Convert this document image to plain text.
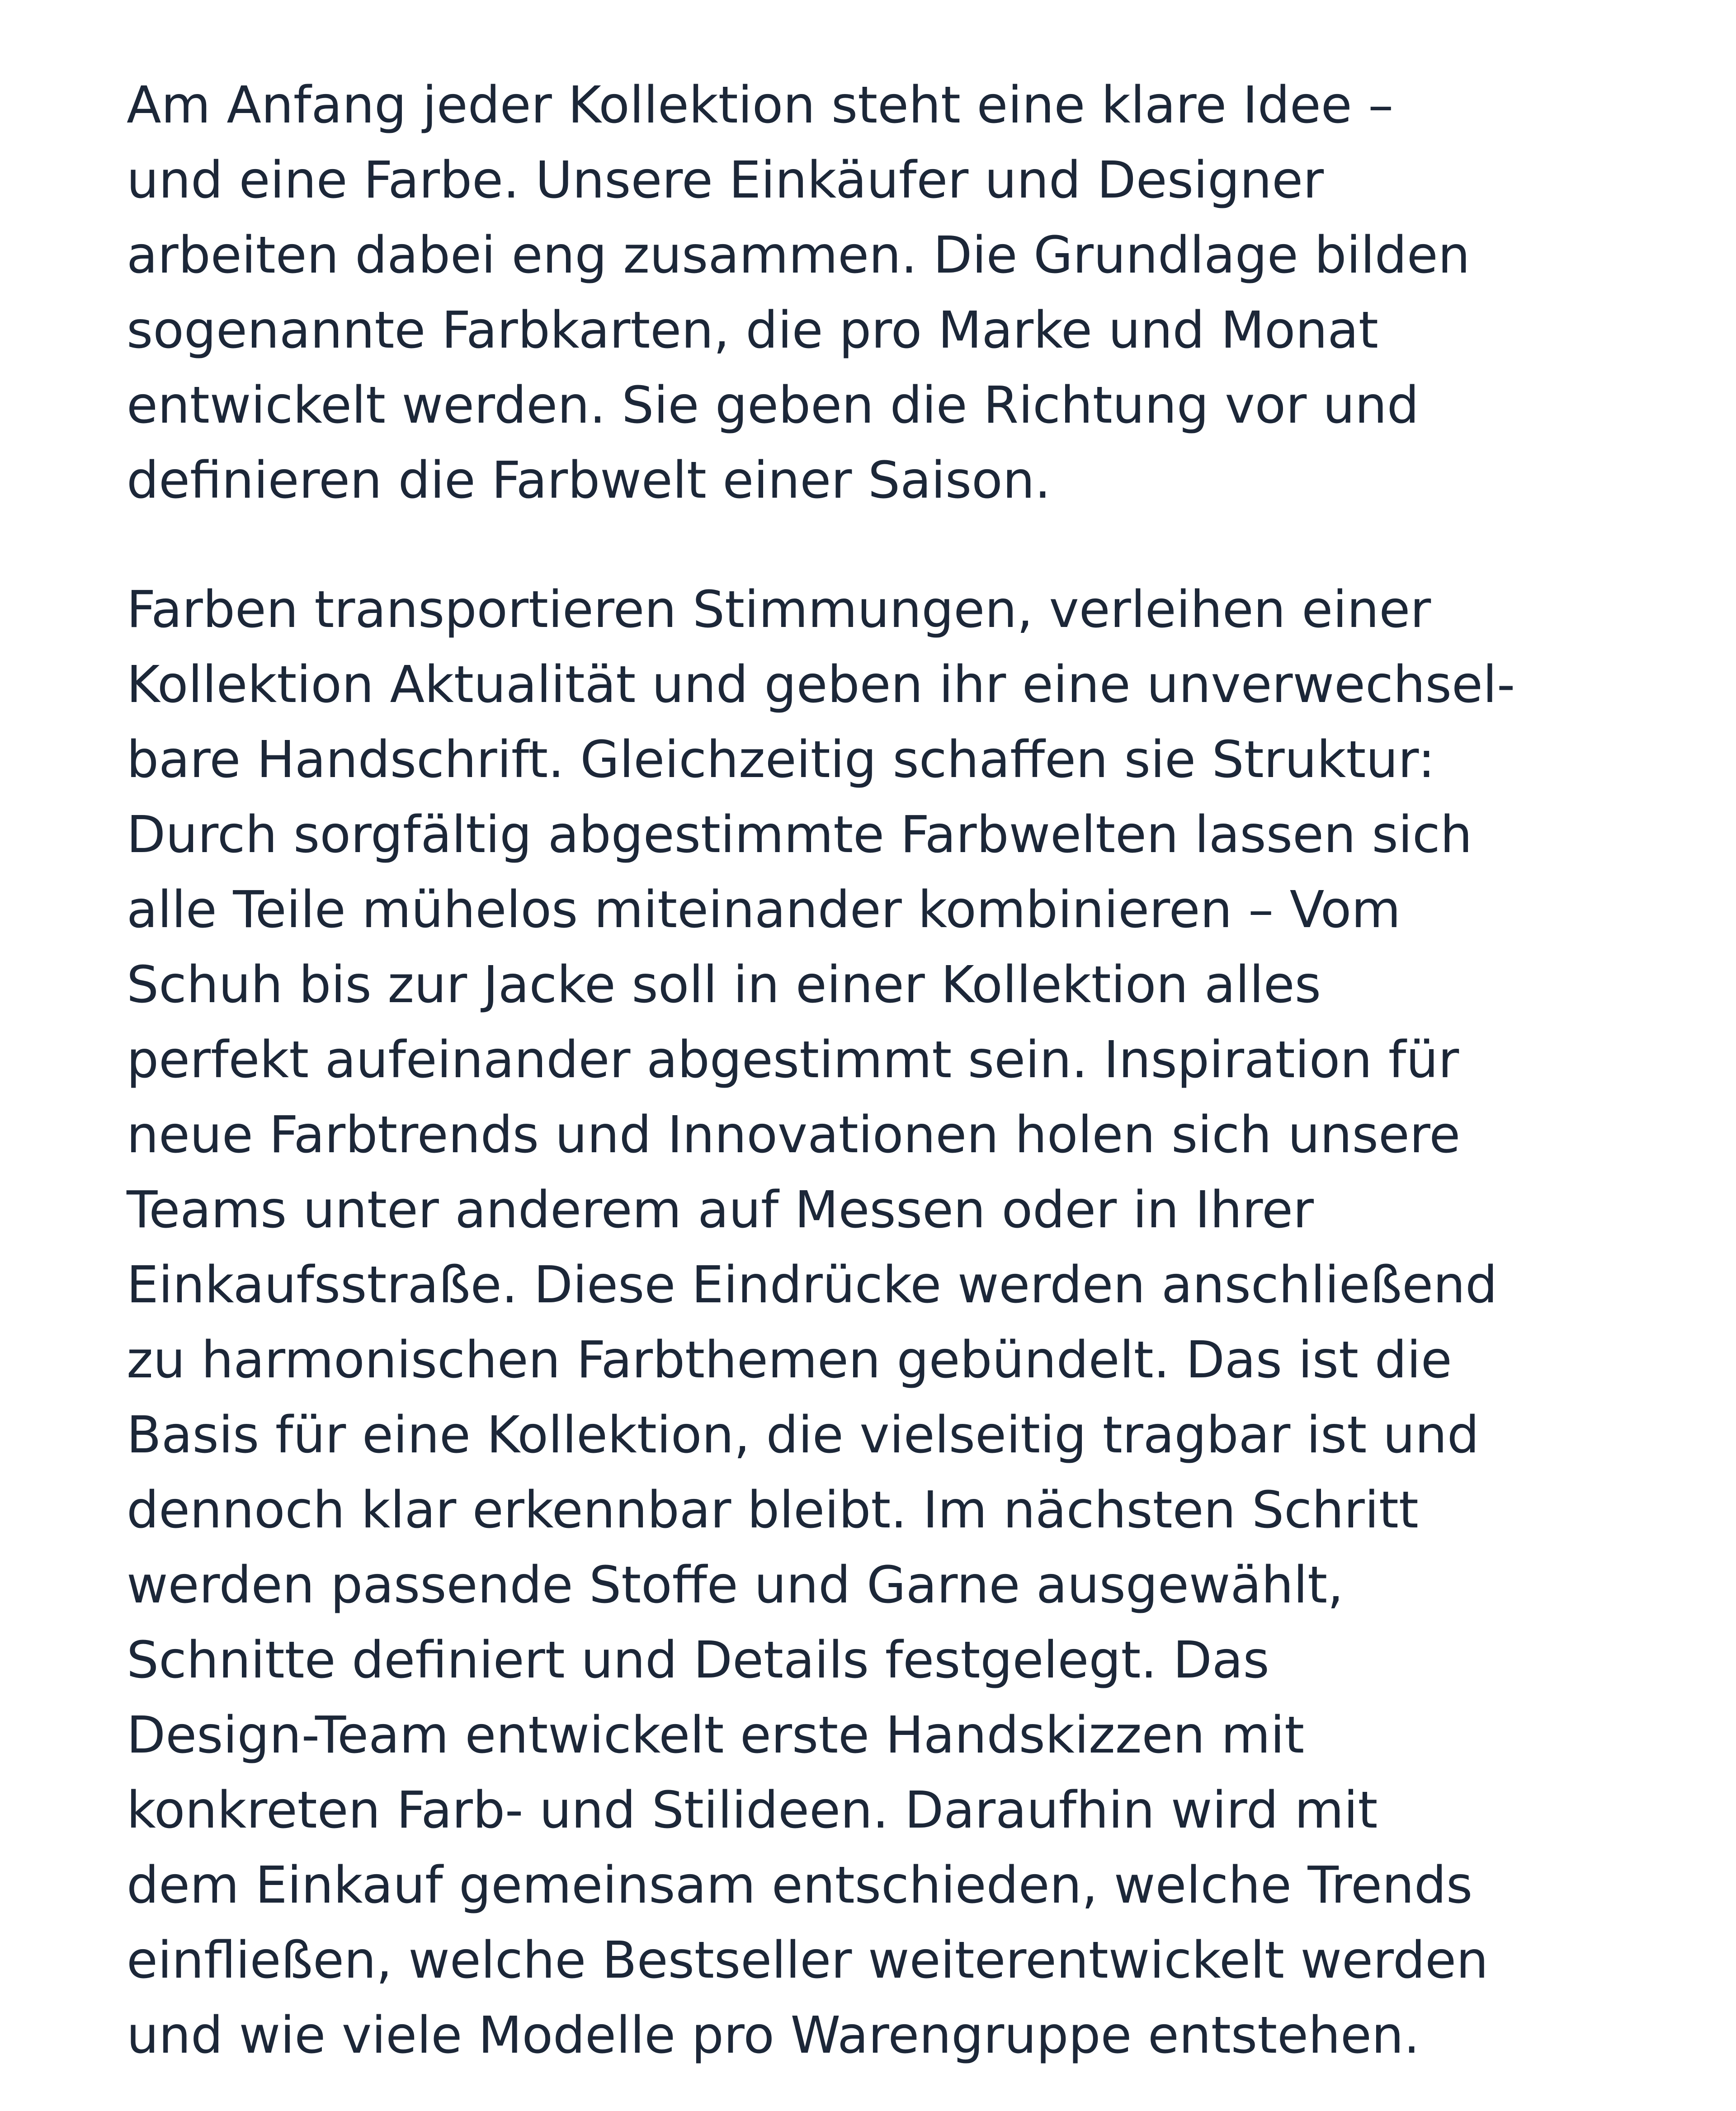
Am Anfang jeder Kollektion steht eine klare Idee –
und eine Farbe. Unsere Einkäufer und Designer
arbeiten dabei eng zusammen. Die Grundlage bilden
sogenannte Farbkarten, die pro Marke und Monat
entwickelt werden. Sie geben die Richtung vor und
definieren die Farbwelt einer Saison.

Farben transportieren Stimmungen, verleihen einer
Kollektion Aktualität und geben ihr eine unverwechsel-
bare Handschrift. Gleichzeitig schaffen sie Struktur:
Durch sorgfältig abgestimmte Farbwelten lassen sich
alle Teile mühelos miteinander kombinieren – Vom
Schuh bis zur Jacke soll in einer Kollektion alles
perfekt aufeinander abgestimmt sein. Inspiration für
neue Farbtrends und Innovationen holen sich unsere
Teams unter anderem auf Messen oder in Ihrer
Einkaufsstraße. Diese Eindrücke werden anschließend
zu harmonischen Farbthemen gebündelt. Das ist die
Basis für eine Kollektion, die vielseitig tragbar ist und
dennoch klar erkennbar bleibt. Im nächsten Schritt
werden passende Stoffe und Garne ausgewählt,
Schnitte definiert und Details festgelegt. Das
Design-Team entwickelt erste Handskizzen mit
konkreten Farb- und Stilideen. Daraufhin wird mit
dem Einkauf gemeinsam entschieden, welche Trends
einfließen, welche Bestseller weiterentwickelt werden
und wie viele Modelle pro Warengruppe entstehen.
